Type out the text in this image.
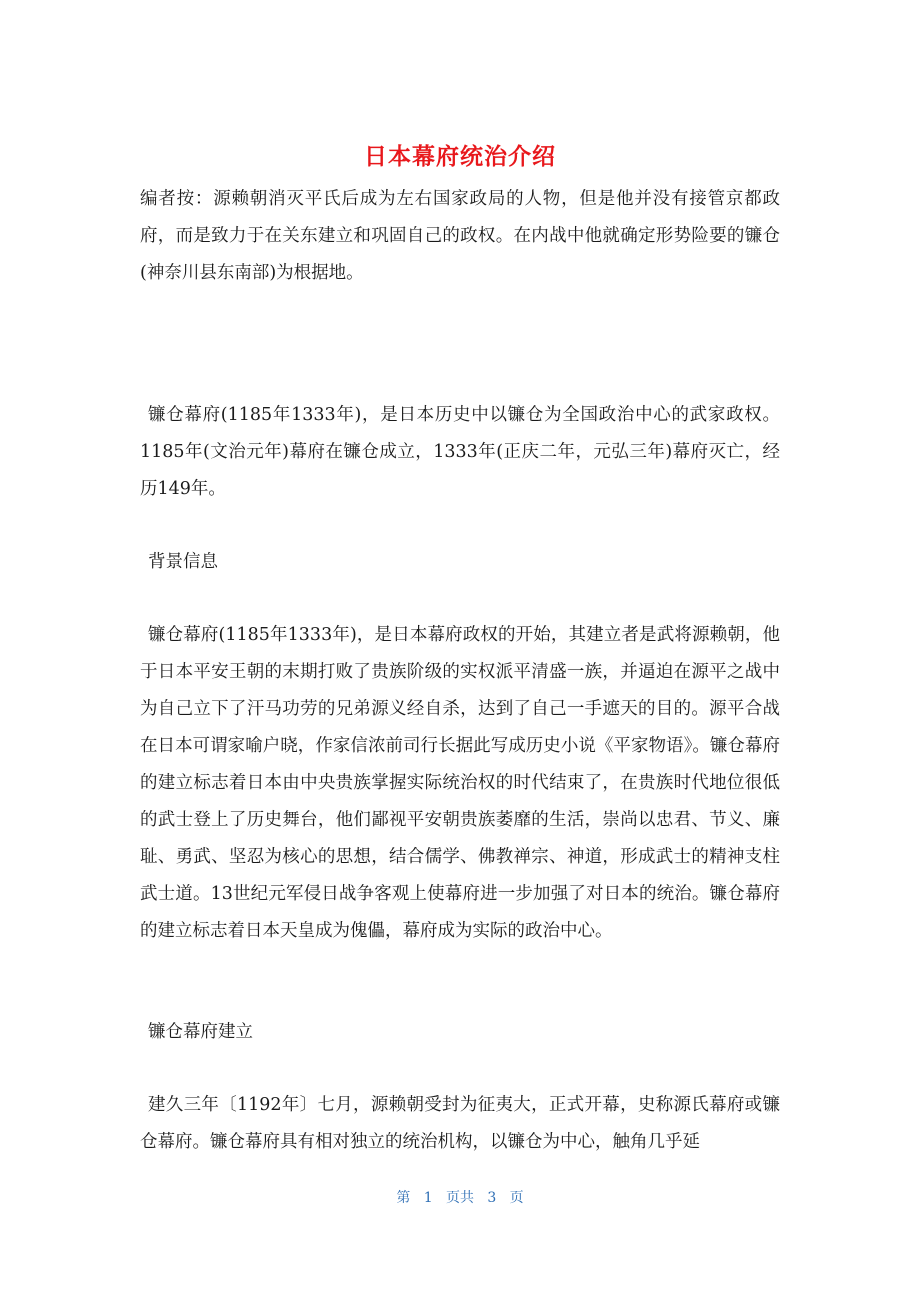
日本幕府统治介绍

编者按：源赖朝消灭平氏后成为左右国家政局的人物，但是他并没有接管京都政府，而是致力于在关东建立和巩固自己的政权。在内战中他就确定形势险要的镰仓(神奈川县东南部)为根据地。

镰仓幕府(1185年1333年)，是日本历史中以镰仓为全国政治中心的武家政权。1185年(文治元年)幕府在镰仓成立，1333年(正庆二年，元弘三年)幕府灭亡，经历149年。

背景信息

镰仓幕府(1185年1333年)，是日本幕府政权的开始，其建立者是武将源赖朝，他于日本平安王朝的末期打败了贵族阶级的实权派平清盛一族，并逼迫在源平之战中为自己立下了汗马功劳的兄弟源义经自杀，达到了自己一手遮天的目的。源平合战在日本可谓家喻户晓，作家信浓前司行长据此写成历史小说《平家物语》。镰仓幕府的建立标志着日本由中央贵族掌握实际统治权的时代结束了，在贵族时代地位很低的武士登上了历史舞台，他们鄙视平安朝贵族萎靡的生活，崇尚以忠君、节义、廉耻、勇武、坚忍为核心的思想，结合儒学、佛教禅宗、神道，形成武士的精神支柱武士道。13世纪元军侵日战争客观上使幕府进一步加强了对日本的统治。镰仓幕府的建立标志着日本天皇成为傀儡，幕府成为实际的政治中心。

镰仓幕府建立

建久三年〔1192年〕七月，源赖朝受封为征夷大，正式开幕，史称源氏幕府或镰仓幕府。镰仓幕府具有相对独立的统治机构，以镰仓为中心，触角几乎延

第 1 页共 3 页
